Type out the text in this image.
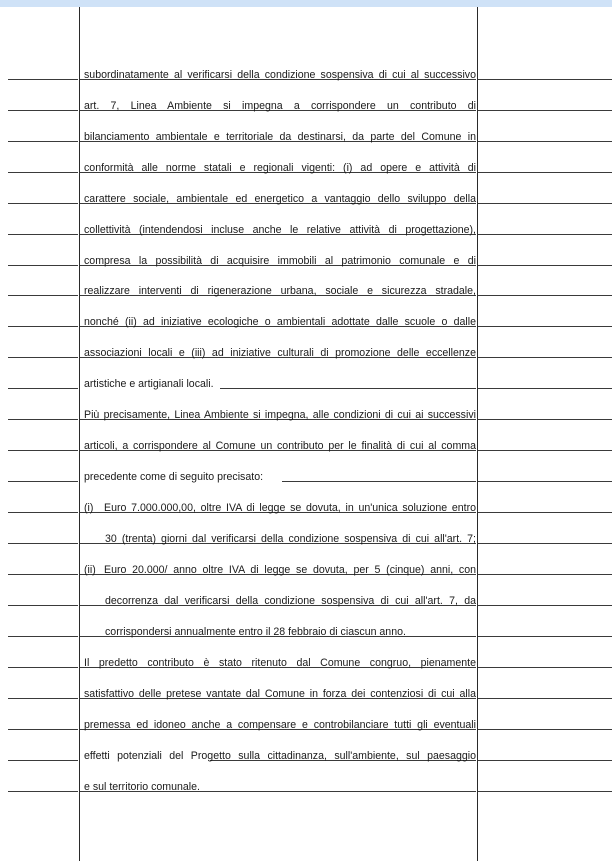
subordinatamente al verificarsi della condizione sospensiva di cui al successivo
art. 7, Linea Ambiente si impegna a corrispondere un contributo di
bilanciamento ambientale e territoriale da destinarsi, da parte del Comune in
conformità alle norme statali e regionali vigenti: (i) ad opere e attività di
carattere sociale, ambientale ed energetico a vantaggio dello sviluppo della
collettività (intendendosi incluse anche le relative attività di progettazione),
compresa la possibilità di acquisire immobili al patrimonio comunale e di
realizzare interventi di rigenerazione urbana, sociale e sicurezza stradale,
nonché (ii) ad iniziative ecologiche o ambientali adottate dalle scuole o dalle
associazioni locali e (iii) ad iniziative culturali di promozione delle eccellenze
artistiche e artigianali locali.
Più precisamente, Linea Ambiente si impegna, alle condizioni di cui ai successivi
articoli, a corrispondere al Comune un contributo per le finalità di cui al comma
precedente come di seguito precisato:
(i) Euro 7.000.000,00, oltre IVA di legge se dovuta, in un'unica soluzione entro
30 (trenta) giorni dal verificarsi della condizione sospensiva di cui all'art. 7;
(ii) Euro 20.000/ anno oltre IVA di legge se dovuta, per 5 (cinque) anni, con
decorrenza dal verificarsi della condizione sospensiva di cui all'art. 7, da
corrispondersi annualmente entro il 28 febbraio di ciascun anno.
Il predetto contributo è stato ritenuto dal Comune congruo, pienamente
satisfattivo delle pretese vantate dal Comune in forza dei contenziosi di cui alla
premessa ed idoneo anche a compensare e controbilanciare tutti gli eventuali
effetti potenziali del Progetto sulla cittadinanza, sull'ambiente, sul paesaggio
e sul territorio comunale.
